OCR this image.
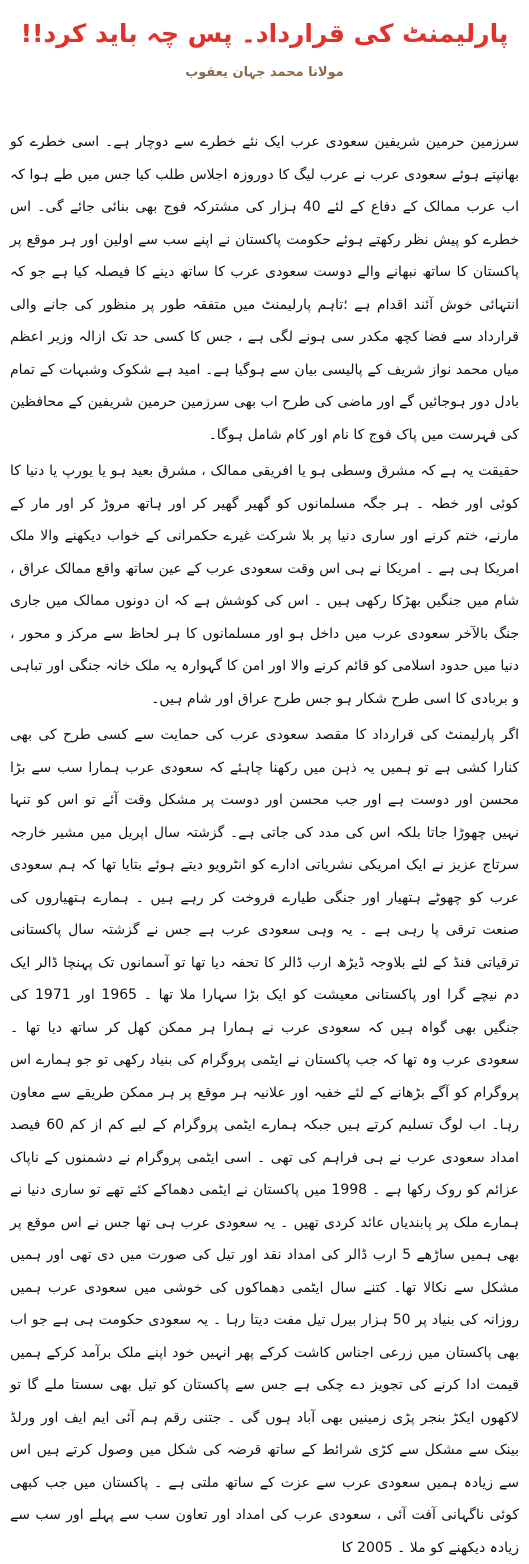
پارلیمنٹ کی قرارداد۔ پس چہ باید کرد!!
مولانا محمد جہان یعقوب

سرزمین حرمین شریفین سعودی عرب ایک نئے خطرے سے دوچار ہے۔ اسی خطرے کو بھانپتے ہوئے سعودی عرب نے عرب لیگ کا دوروزہ اجلاس طلب کیا جس میں طے ہوا کہ اب عرب ممالک کے دفاع کے لئے 40 ہزار کی مشترکہ فوج بھی بنائی جائے گی۔ اس خطرے کو پیش نظر رکھتے ہوئے حکومت پاکستان نے اپنے سب سے اولین اور ہر موقع پر پاکستان کا ساتھ نبھانے والے دوست سعودی عرب کا ساتھ دینے کا فیصلہ کیا ہے جو کہ انتہائی خوش آئند اقدام ہے ؛تاہم پارلیمنٹ میں متفقہ طور پر منظور کی جانے والی قرارداد سے فضا کچھ مکدر سی ہونے لگی ہے ، جس کا کسی حد تک ازالہ وزیر اعظم میاں محمد نواز شریف کے پالیسی بیان سے ہوگیا ہے۔ امید ہے شکوک وشبہات کے تمام بادل دور ہوجائیں گے اور ماضی کی طرح اب بھی سرزمین حرمین شریفین کے محافظین کی فہرست میں پاک فوج کا نام اور کام شامل ہوگا۔

حقیقت یہ ہے کہ مشرق وسطی ہو یا افریقی ممالک ، مشرق بعید ہو یا یورپ یا دنیا کا کوئی اور خطہ ۔ ہر جگہ مسلمانوں کو گھیر گھیر کر اور ہاتھ مروڑ کر اور مار کے مارنے، ختم کرنے اور ساری دنیا پر بلا شرکت غیرے حکمرانی کے خواب دیکھنے والا ملک امریکا ہی ہے ۔ امریکا نے ہی اس وقت سعودی عرب کے عین ساتھ واقع ممالک عراق ، شام میں جنگیں بھڑکا رکھی ہیں ۔ اس کی کوشش ہے کہ ان دونوں ممالک میں جاری جنگ بالآخر سعودی عرب میں داخل ہو اور مسلمانوں کا ہر لحاظ سے مرکز و محور ، دنیا میں حدود اسلامی کو قائم کرنے والا اور امن کا گہوارہ یہ ملک خانہ جنگی اور تباہی و بربادی کا اسی طرح شکار ہو جس طرح عراق اور شام ہیں۔

اگر پارلیمنٹ کی قرارداد کا مقصد سعودی عرب کی حمایت سے کسی طرح کی بھی کنارا کشی ہے تو ہمیں یہ ذہن میں رکھنا چاہئے کہ سعودی عرب ہمارا سب سے بڑا محسن اور دوست ہے اور جب محسن اور دوست پر مشکل وقت آئے تو اس کو تنہا نہیں چھوڑا جاتا بلکہ اس کی مدد کی جاتی ہے۔ گزشتہ سال اپریل میں مشیر خارجہ سرتاج عزیز نے ایک امریکی نشریاتی ادارے کو انٹرویو دیتے ہوئے بتایا تھا کہ ہم سعودی عرب کو چھوٹے ہتھیار اور جنگی طیارے فروخت کر رہے ہیں ۔ ہمارے ہتھیاروں کی صنعت ترقی پا رہی ہے ۔ یہ وہی سعودی عرب ہے جس نے گزشتہ سال پاکستانی ترقیاتی فنڈ کے لئے بلاوجہ ڈیڑھ ارب ڈالر کا تحفہ دیا تھا تو آسمانوں تک پہنچا ڈالر ایک دم نیچے گرا اور پاکستانی معیشت کو ایک بڑا سہارا ملا تھا ۔ 1965 اور 1971 کی جنگیں بھی گواہ ہیں کہ سعودی عرب نے ہمارا ہر ممکن کھل کر ساتھ دیا تھا ۔ سعودی عرب وہ تھا کہ جب پاکستان نے ایٹمی پروگرام کی بنیاد رکھی تو جو ہمارے اس پروگرام کو آگے بڑھانے کے لئے خفیہ اور علانیہ ہر موقع پر ہر ممکن طریقے سے معاون رہا۔ اب لوگ تسلیم کرتے ہیں جبکہ ہمارے ایٹمی پروگرام کے لیے کم از کم 60 فیصد امداد سعودی عرب نے ہی فراہم کی تھی ۔ اسی ایٹمی پروگرام نے دشمنوں کے ناپاک عزائم کو روک رکھا ہے ۔ 1998 میں پاکستان نے ایٹمی دھماکے کئے تھے تو ساری دنیا نے ہمارے ملک پر پابندیاں عائد کردی تھیں ۔ یہ سعودی عرب ہی تھا جس نے اس موقع پر بھی ہمیں ساڑھے 5 ارب ڈالر کی امداد نقد اور تیل کی صورت میں دی تھی اور ہمیں مشکل سے نکالا تھا۔ کتنے سال ایٹمی دھماکوں کی خوشی میں سعودی عرب ہمیں روزانہ کی بنیاد پر 50 ہزار بیرل تیل مفت دیتا رہا ۔ یہ سعودی حکومت ہی ہے جو اب بھی پاکستان میں زرعی اجناس کاشت کرکے پھر انہیں خود اپنے ملک برآمد کرکے ہمیں قیمت ادا کرنے کی تجویز دے چکی ہے جس سے پاکستان کو تیل بھی سستا ملے گا تو لاکھوں ایکڑ بنجر پڑی زمینیں بھی آباد ہوں گی ۔ جتنی رقم ہم آئی ایم ایف اور ورلڈ بینک سے مشکل سے کڑی شرائط کے ساتھ قرضہ کی شکل میں وصول کرتے ہیں اس سے زیادہ ہمیں سعودی عرب سے عزت کے ساتھ ملتی ہے ۔ پاکستان میں جب کبھی کوئی ناگہانی آفت آئی ، سعودی عرب کی امداد اور تعاون سب سے پہلے اور سب سے زیادہ دیکھنے کو ملا ۔ 2005 کا
